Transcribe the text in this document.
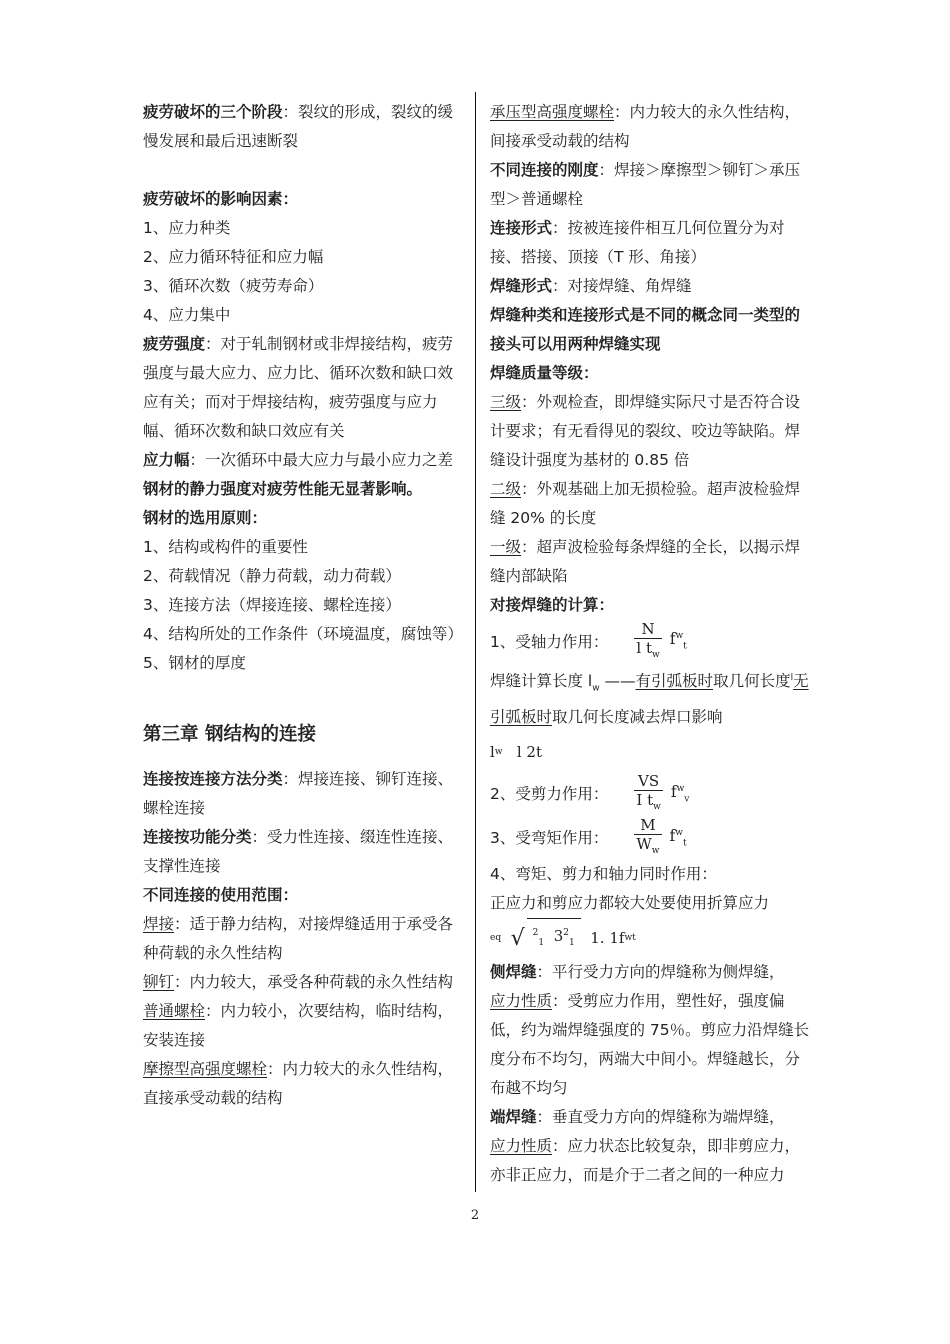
疲劳破坏的三个阶段：裂纹的形成，裂纹的缓慢发展和最后迅速断裂

疲劳破坏的影响因素：

1、应力种类

2、应力循环特征和应力幅

3、循环次数（疲劳寿命）

4、应力集中

疲劳强度：对于轧制钢材或非焊接结构，疲劳强度与最大应力、应力比、循环次数和缺口效应有关；而对于焊接结构，疲劳强度与应力幅、循环次数和缺口效应有关

应力幅：一次循环中最大应力与最小应力之差

钢材的静力强度对疲劳性能无显著影响。

钢材的选用原则：

1、结构或构件的重要性

2、荷载情况（静力荷载，动力荷载）

3、连接方法（焊接连接、螺栓连接）

4、结构所处的工作条件（环境温度，腐蚀等）

5、钢材的厚度

第三章 钢结构的连接

连接按连接方法分类：焊接连接、铆钉连接、螺栓连接

连接按功能分类：受力性连接、缀连性连接、支撑性连接

不同连接的使用范围：

焊接：适于静力结构，对接焊缝适用于承受各种荷载的永久性结构

铆钉：内力较大，承受各种荷载的永久性结构

普通螺栓：内力较小，次要结构，临时结构，安装连接

摩擦型高强度螺栓：内力较大的永久性结构，直接承受动载的结构

承压型高强度螺栓：内力较大的永久性结构，间接承受动载的结构

不同连接的刚度：焊接＞摩擦型＞铆钉＞承压型＞普通螺栓

连接形式：按被连接件相互几何位置分为对接、搭接、顶接（T 形、角接）

焊缝形式：对接焊缝、角焊缝

焊缝种类和连接形式是不同的概念同一类型的接头可以用两种焊缝实现

焊缝质量等级：

三级：外观检查，即焊缝实际尺寸是否符合设计要求；有无看得见的裂纹、咬边等缺陷。焊缝设计强度为基材的 0.85 倍

二级：外观基础上加无损检验。超声波检验焊缝 20% 的长度

一级：超声波检验每条焊缝的全长，以揭示焊缝内部缺陷

对接焊缝的计算：

1、受轴力作用： $\frac{N}{l t_w} f^w_t$

焊缝计算长度 $l_w$ ——有引弧板时取几何长度$^l$无引弧板时取几何长度减去焊口影响

l w
l 2t
2、受剪力作用： $\frac{VS}{I t_w} f^w_v$
3、受弯矩作用： $\frac{M}{W_w} f^w_t$

4、弯矩、剪力和轴力同时作用：

正应力和剪应力都较大处要使用折算应力

eq
√ $^2_1$ $3^2_1$
	1. 1f w t

侧焊缝：平行受力方向的焊缝称为侧焊缝，

应力性质：受剪应力作用，塑性好，强度偏低，约为端焊缝强度的 75％。剪应力沿焊缝长度分布不均匀，两端大中间小。焊缝越长，分布越不均匀

端焊缝：垂直受力方向的焊缝称为端焊缝，

应力性质：应力状态比较复杂，即非剪应力，亦非正应力，而是介于二者之间的一种应力

2
